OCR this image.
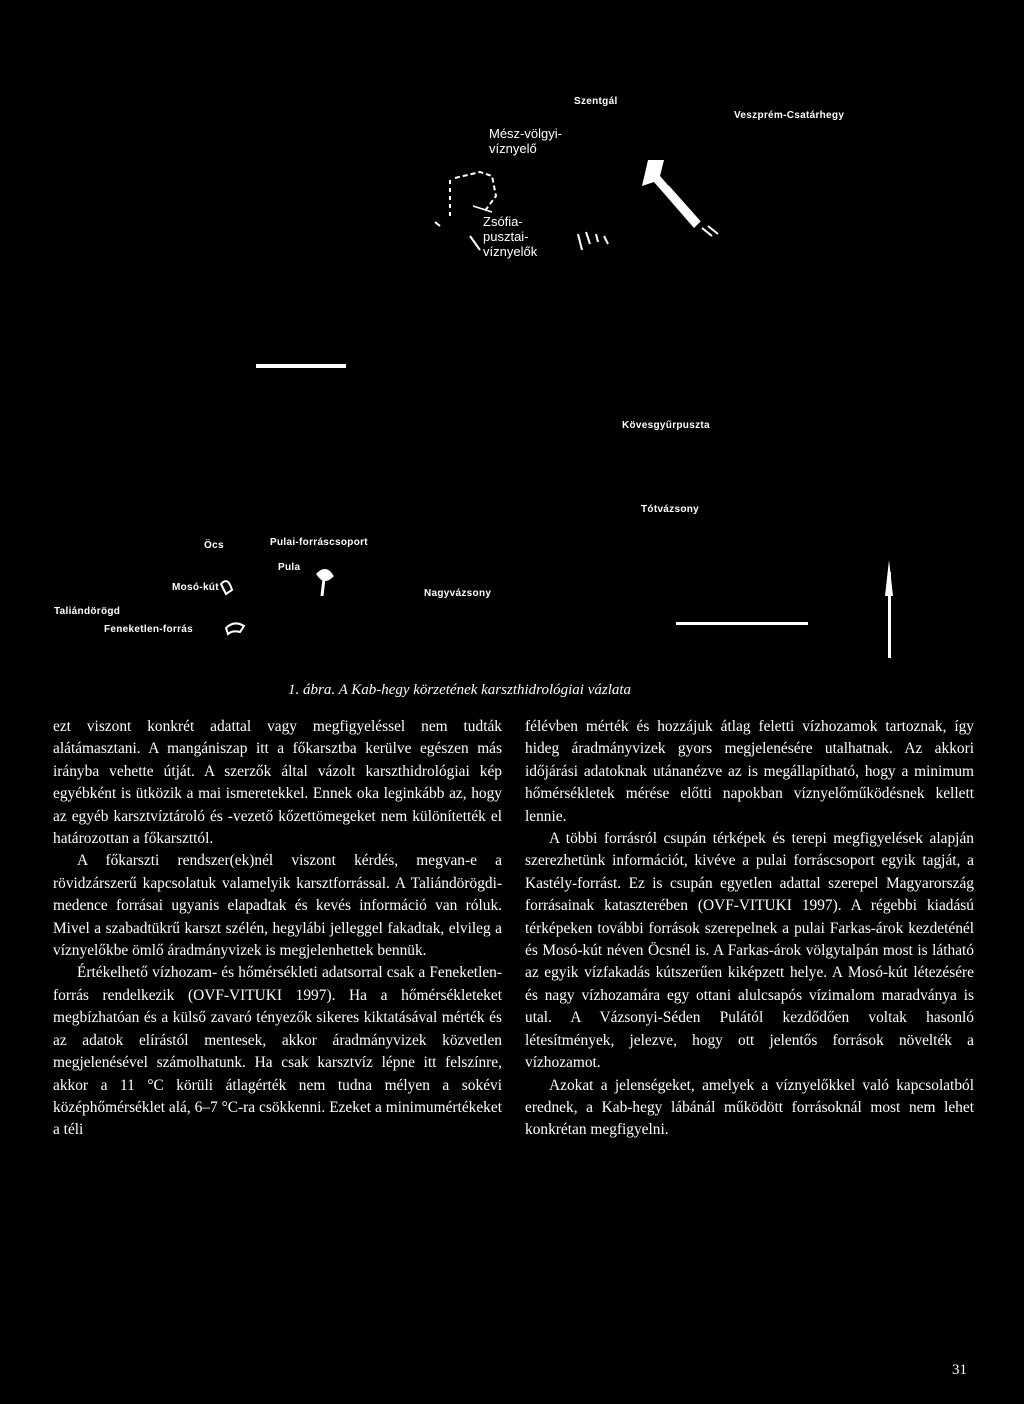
Szentgál
Veszprém-Csatárhegy
Mész-völgyi-
víznyelő
Zsófia-
pusztai-
víznyelők
Kövesgyűrpuszta
Tótvázsony
Öcs	Pulai-forráscsoport
Pula
Mosó-kút
Nagyvázsony
Taliándörögd
Feneketlen-forrás
1. ábra. A Kab-hegy körzetének karszthidrológiai vázlata

ezt viszont konkrét adattal vagy megfigyeléssel nem tudták alátámasztani. A mangániszap itt a főkarsztba kerülve egészen más irányba vehette útját. A szerzők által vázolt karszthidrológiai kép egyébként is ütközik a mai ismeretekkel. Ennek oka leginkább az, hogy az egyéb karsztvíztároló és -vezető kőzettömegeket nem különítették el határozottan a főkarszttól.

A főkarszti rendszer(ek)nél viszont kérdés, megvan-e a rövidzárszerű kapcsolatuk valamelyik karsztforrással. A Taliándörögdi-medence forrásai ugyanis elapadtak és kevés információ van róluk. Mivel a szabadtükrű karszt szélén, hegylábi jelleggel fakadtak, elvileg a víznyelőkbe ömlő áradmányvizek is megjelenhettek bennük.

Értékelhető vízhozam- és hőmérsékleti adatsorral csak a Feneketlen-forrás rendelkezik (OVF-VITUKI 1997). Ha a hőmérsékleteket megbízhatóan és a külső zavaró tényezők sikeres kiktatásával mérték és az adatok elírástól mentesek, akkor áradmányvizek közvetlen megjelenésével számolhatunk. Ha csak karsztvíz lépne itt felszínre, akkor a 11 °C körüli átlagérték nem tudna mélyen a sokévi középhőmérséklet alá, 6–7 °C-ra csökkenni. Ezeket a minimumértékeket a téli

félévben mérték és hozzájuk átlag feletti vízhozamok tartoznak, így hideg áradmányvizek gyors megjelenésére utalhatnak. Az akkori időjárási adatoknak utánanézve az is megállapítható, hogy a minimum hőmérsékletek mérése előtti napokban víznyelőműködésnek kellett lennie.

A többi forrásról csupán térképek és terepi megfigyelések alapján szerezhetünk információt, kivéve a pulai forráscsoport egyik tagját, a Kastély-forrást. Ez is csupán egyetlen adattal szerepel Magyarország forrásainak kataszterében (OVF-VITUKI 1997). A régebbi kiadású térképeken további források szerepelnek a pulai Farkas-árok kezdeténél és Mosó-kút néven Öcsnél is. A Farkas-árok völgytalpán most is látható az egyik vízfakadás kútszerűen kiképzett helye. A Mosó-kút létezésére és nagy vízhozamára egy ottani alulcsapós vízimalom maradványa is utal. A Vázsonyi-Séden Pulától kezdődően voltak hasonló létesítmények, jelezve, hogy ott jelentős források növelték a vízhozamot.

Azokat a jelenségeket, amelyek a víznyelőkkel való kapcsolatból erednek, a Kab-hegy lábánál működött forrásoknál most nem lehet konkrétan megfigyelni.

31
